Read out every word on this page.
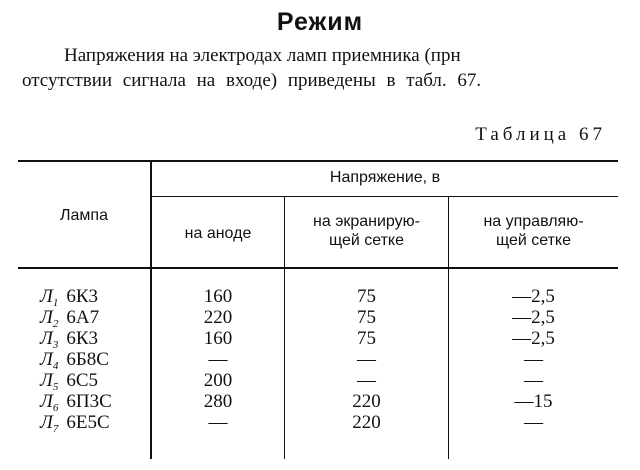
Режим
Напряжения на электродах ламп приемника (прн
отсутствии сигнала на входе) приведены в табл. 67.
Таблица 67
Лампа
Напряжение, в
на аноде
на экранирую-
щей сетке
на управляю-
щей сетке
$Л_1$ 6К3	160	75	—2,5
$Л_2$ 6А7	220	75	—2,5
$Л_3$ 6К3	160	75	—2,5
$Л_4$ 6Б8С	—	—	—
$Л_5$ 6С5	200	—	—
$Л_6$ 6П3С	280	220	—15
$Л_7$ 6Е5С	—	220	—
